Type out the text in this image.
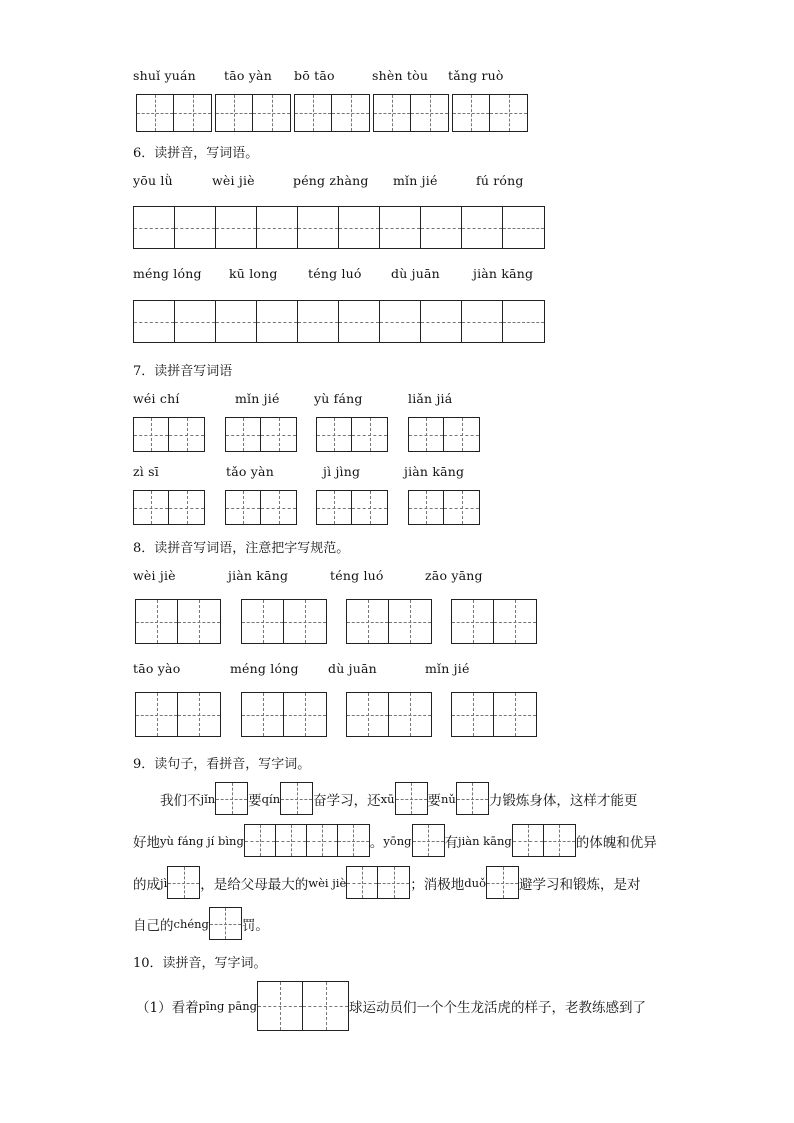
shuǐ yuán tāo yàn bō tāo	shèn tòu tǎng ruò
6．读拼音，写词语。
yōu lǜ	wèi jiè	péng zhàng mǐn jié	fú róng
méng lóng kū long téng luó dù juān	jiàn kāng
7．读拼音写词语
wéi chí	mǐn jié	yù fáng	liǎn jiá
zì sī	tǎo yàn	jì jìng	jiàn kāng
8．读拼音写词语，注意把字写规范。
wèi jiè	jiàn kāng	téng luó	zāo yāng
tāo yào	méng lóng dù juān	mǐn jié
9．读句子，看拼音，写字词。
我们不jǐn 要qín 奋学习，还xū 要nǔ 力锻炼身体，这样才能更
好地yù fáng jí bìng	。yōng 有jiàn kāng	的体魄和优异
的成jì ，是给父母最大的wèi jiè	；消极地duǒ 避学习和锻炼，是对
自己的chéng 罚。
10．读拼音，写字词。
（1）看着pīng pāng	球运动员们一个个生龙活虎的样子，老教练感到了
